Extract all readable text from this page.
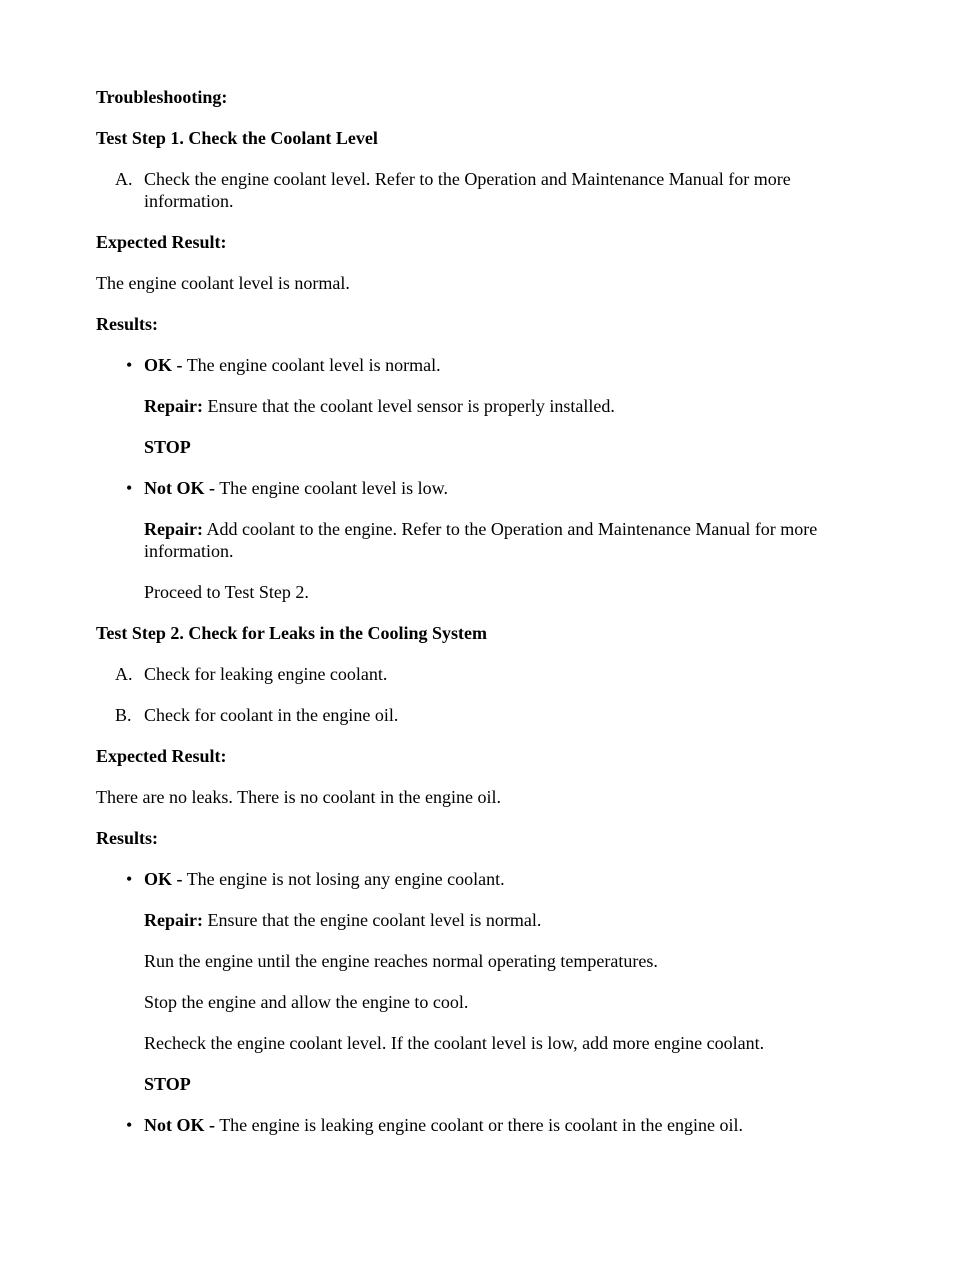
Troubleshooting:

Test Step 1. Check the Coolant Level

A. Check the engine coolant level. Refer to the Operation and Maintenance Manual for more information.

Expected Result:

The engine coolant level is normal.

Results:

• OK - The engine coolant level is normal.
Repair: Ensure that the coolant level sensor is properly installed.
STOP
• Not OK - The engine coolant level is low.
Repair: Add coolant to the engine. Refer to the Operation and Maintenance Manual for more information.
Proceed to Test Step 2.

Test Step 2. Check for Leaks in the Cooling System

A. Check for leaking engine coolant.
B. Check for coolant in the engine oil.

Expected Result:

There are no leaks. There is no coolant in the engine oil.

Results:

• OK - The engine is not losing any engine coolant.
Repair: Ensure that the engine coolant level is normal.
Run the engine until the engine reaches normal operating temperatures.
Stop the engine and allow the engine to cool.
Recheck the engine coolant level. If the coolant level is low, add more engine coolant.
STOP
• Not OK - The engine is leaking engine coolant or there is coolant in the engine oil.
